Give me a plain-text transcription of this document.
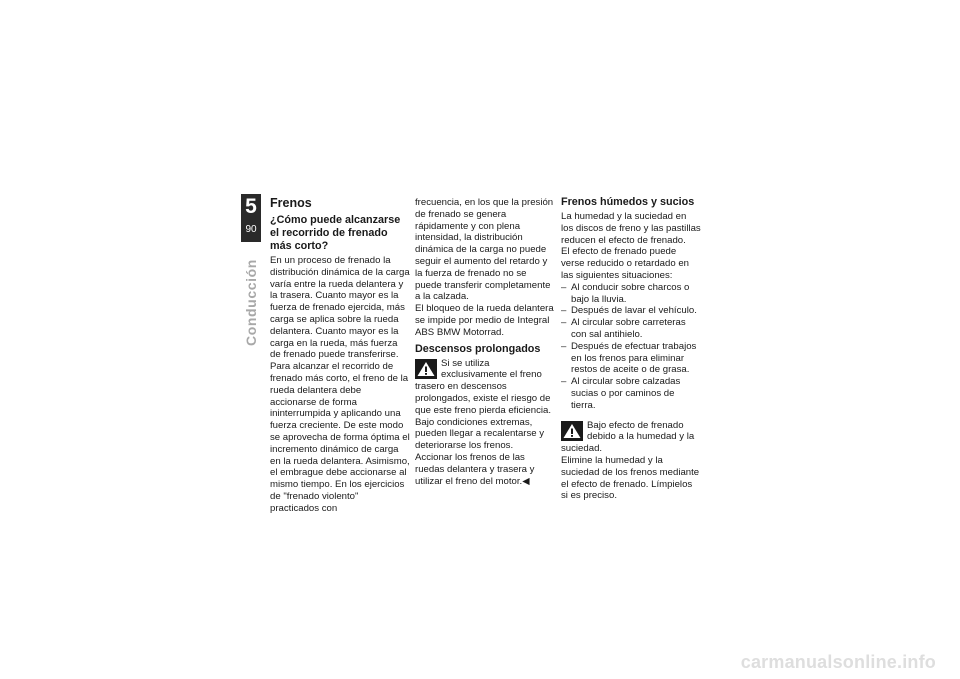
5
90
Conducción
Frenos
¿Cómo puede alcanzarse el recorrido de frenado más corto?

En un proceso de frenado la distribución dinámica de la carga varía entre la rueda delantera y la trasera. Cuanto mayor es la fuerza de frenado ejercida, más carga se aplica sobre la rueda delantera. Cuanto mayor es la carga en la rueda, más fuerza de frenado puede transferirse.

Para alcanzar el recorrido de frenado más corto, el freno de la rueda delantera debe accionarse de forma ininterrumpida y aplicando una fuerza creciente. De este modo se aprovecha de forma óptima el incremento dinámico de carga en la rueda delantera. Asimismo, el embrague debe accionarse al mismo tiempo. En los ejercicios de "frenado violento" practicados con

frecuencia, en los que la presión de frenado se genera rápidamente y con plena intensidad, la distribución dinámica de la carga no puede seguir el aumento del retardo y la fuerza de frenado no se puede transferir completamente a la calzada.

El bloqueo de la rueda delantera se impide por medio de Integral ABS BMW Motorrad.

Descensos prolongados
Si se utiliza exclusivamente el freno trasero en descensos prolongados, existe el riesgo de que este freno pierda eficiencia. Bajo condiciones extremas, pueden llegar a recalentarse y deteriorarse los frenos.

Accionar los frenos de las ruedas delantera y trasera y utilizar el freno del motor.◀

Frenos húmedos y sucios

La humedad y la suciedad en los discos de freno y las pastillas reducen el efecto de frenado.

El efecto de frenado puede verse reducido o retardado en las siguientes situaciones:

– Al conducir sobre charcos o bajo la lluvia.
– Después de lavar el vehículo.
– Al circular sobre carreteras con sal antihielo.
– Después de efectuar trabajos en los frenos para eliminar restos de aceite o de grasa.
– Al circular sobre calzadas sucias o por caminos de tierra.
Bajo efecto de frenado debido a la humedad y la suciedad.

Elimine la humedad y la suciedad de los frenos mediante el efecto de frenado. Límpielos si es preciso.

carmanualsonline.info
